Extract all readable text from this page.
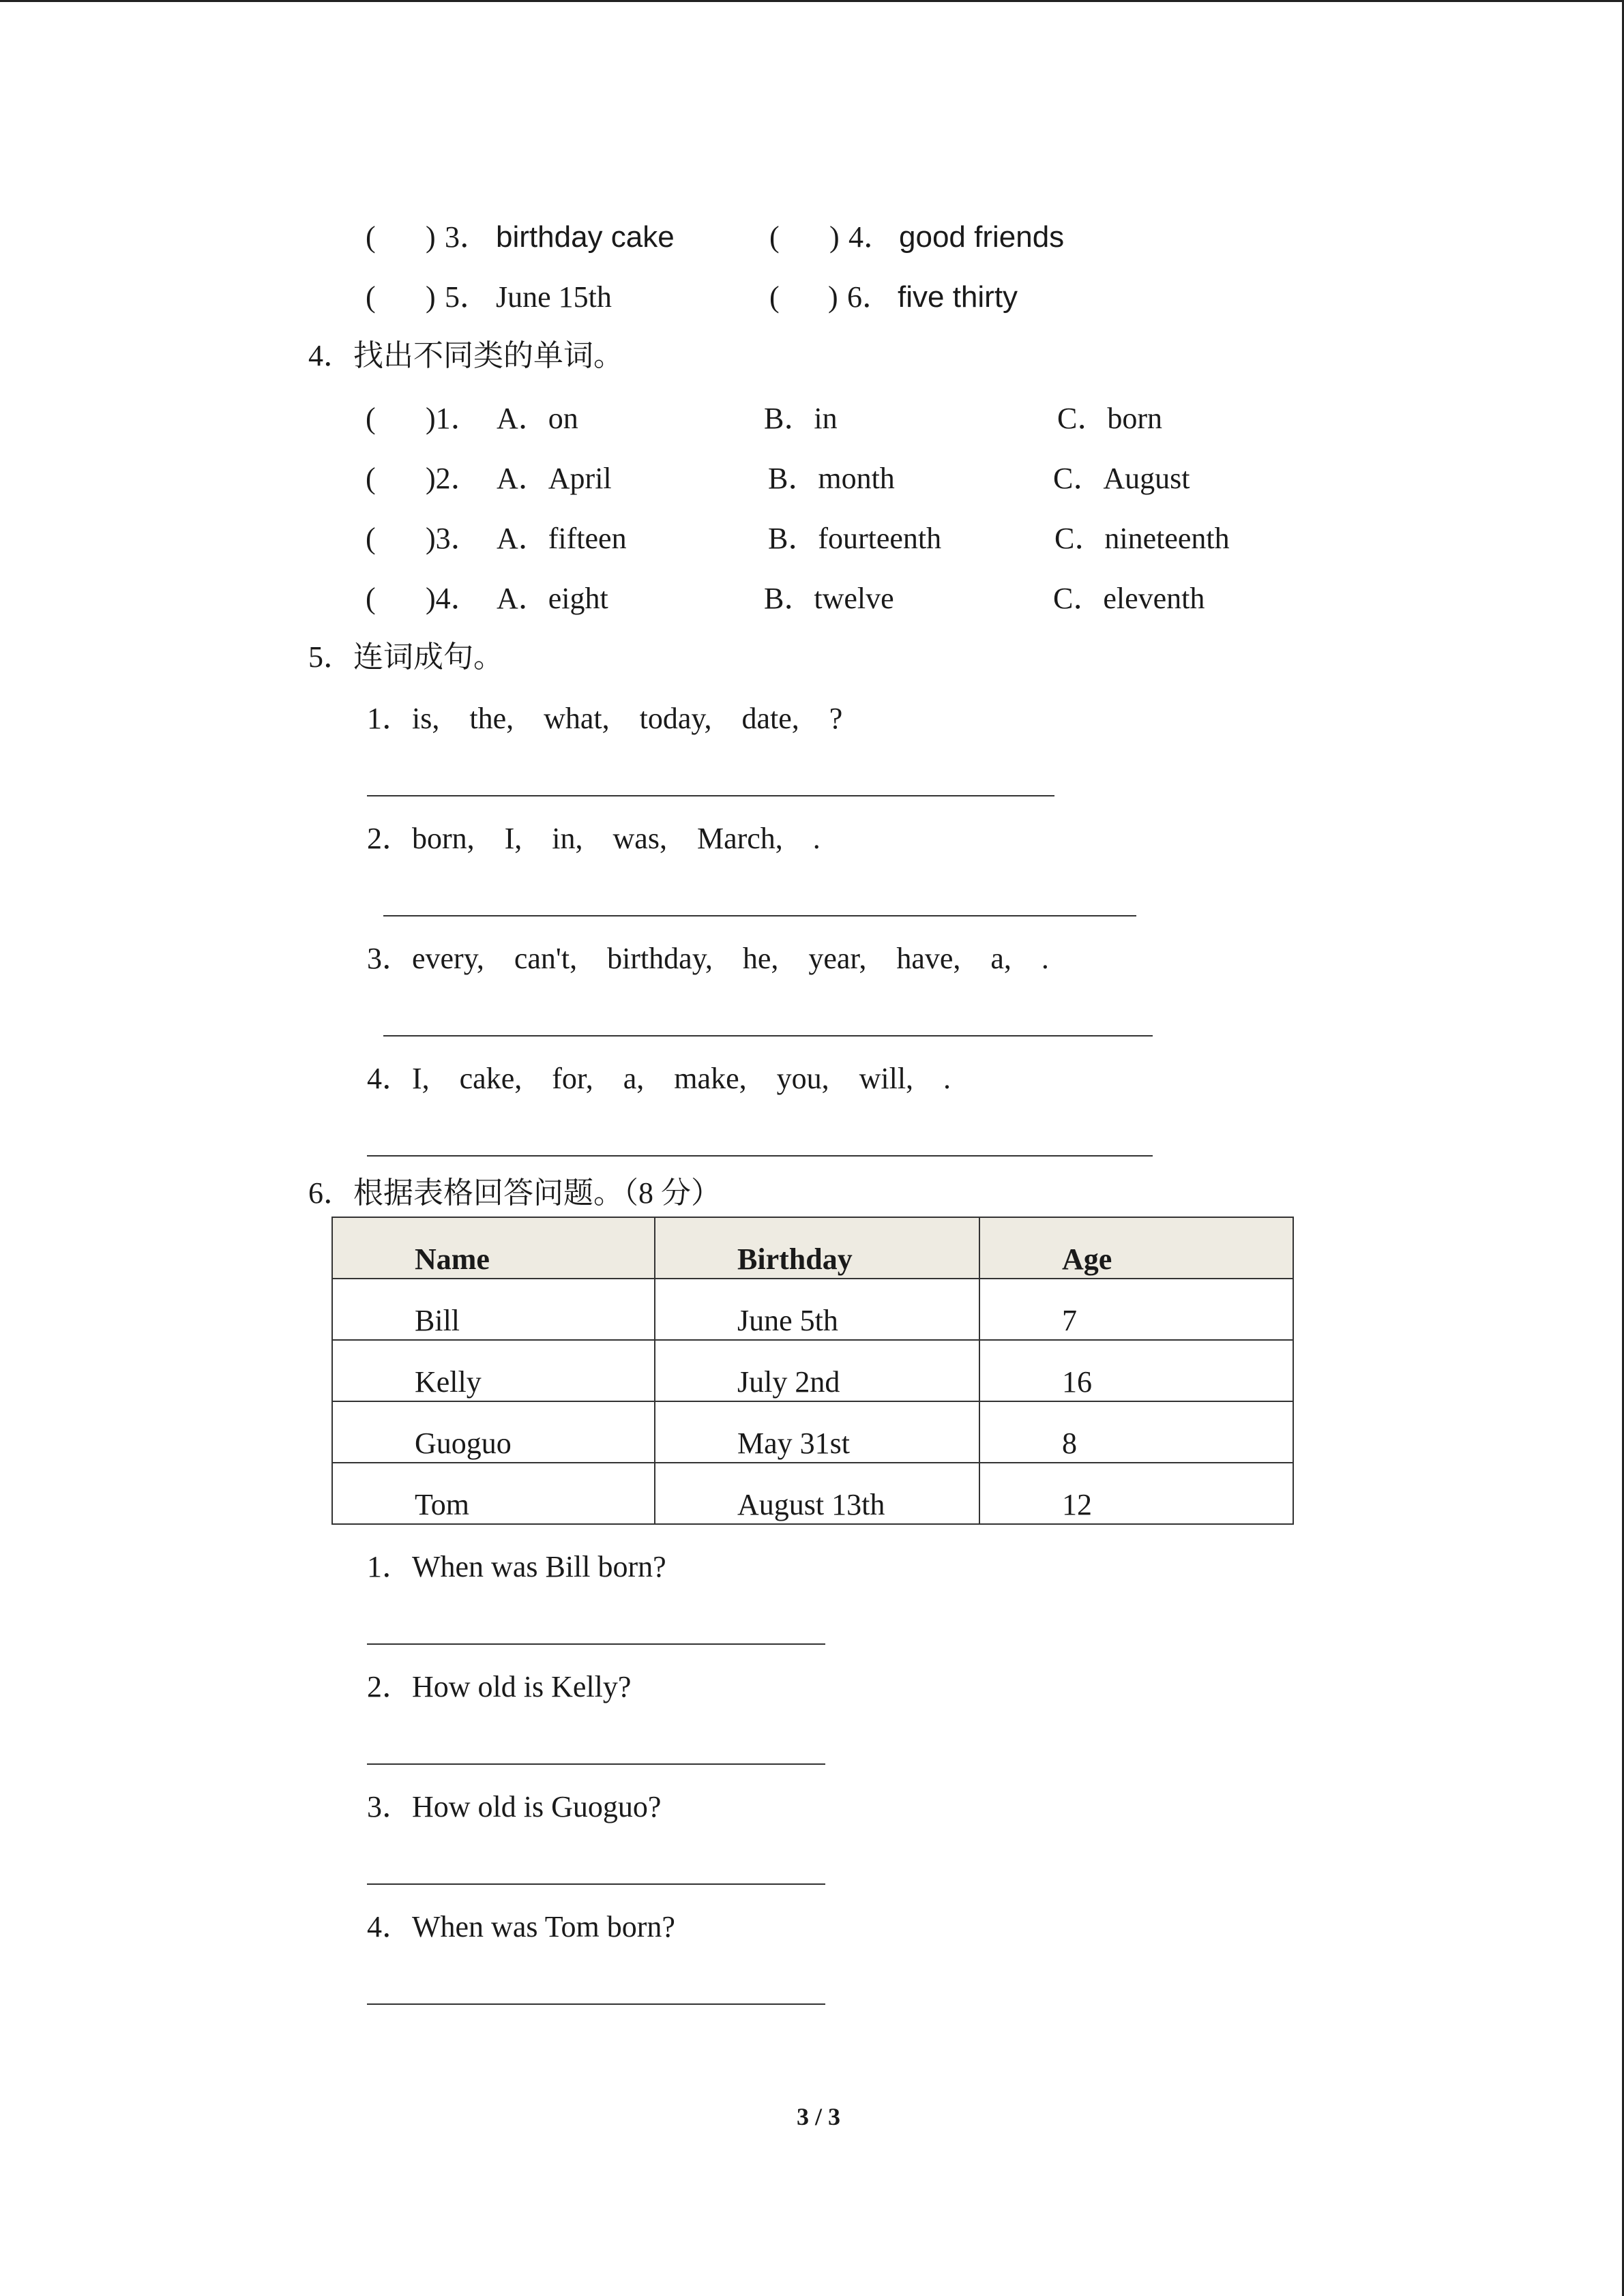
( ) 3． birthday cake	( ) 4． good friends
( ) 5． June 15th	( ) 6． five thirty
4．找出不同类的单词。
( )1． A．on	B．in	C．born
( )2． A．April	B．month	C．August
( )3． A．fifteen	B．fourteenth	C．nineteenth
( )4． A．eight	B．twelve	C．eleventh
5．连词成句。
1．is,    the,    what,    today,    date,    ?
2．born,    I,    in,    was,    March,    .
3．every,    can't,    birthday,    he,    year,    have,    a,    .
4．I,    cake,    for,    a,    make,    you,    will,    .
6．根据表格回答问题。（8 分）
Name	Birthday	Age
Bill	June 5th	7
Kelly	July 2nd	16
Guoguo	May 31st	8
Tom	August 13th	12
1．When was Bill born?
2．How old is Kelly?
3．How old is Guoguo?
4．When was Tom born?
3 / 3
